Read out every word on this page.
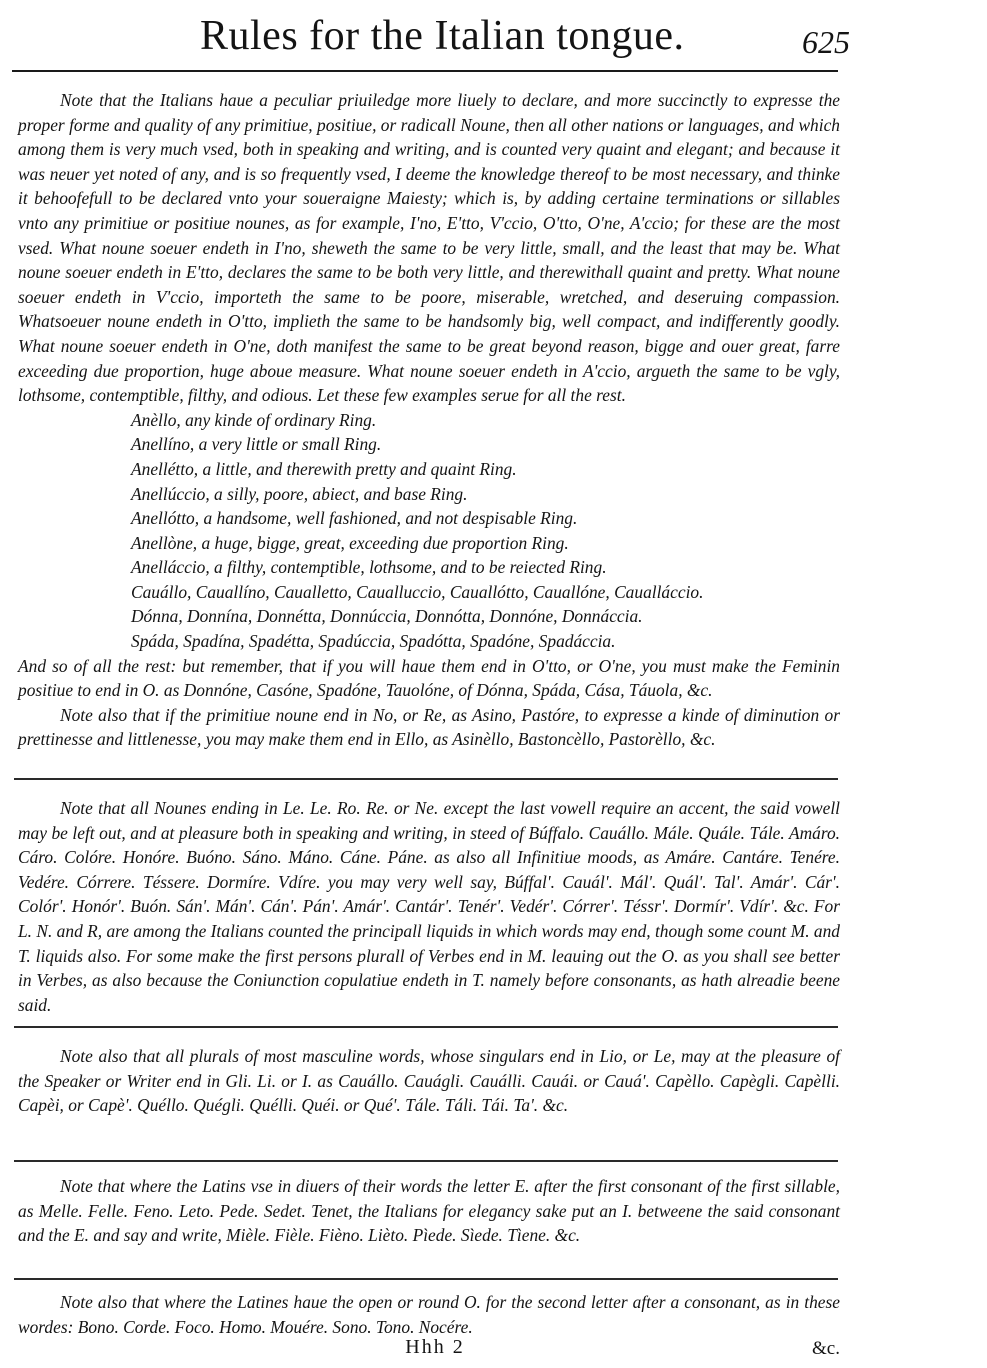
Rules for the Italian tongue.	625

Note that the Italians haue a peculiar priuiledge more liuely to declare, and more succinctly to expresse the proper forme and quality of any primitiue, positiue, or radicall Noune, then all other nations or languages, and which among them is very much vsed, both in speaking and writing, and is counted very quaint and elegant; and because it was neuer yet noted of any, and is so frequently vsed, I deeme the knowledge thereof to be most necessary, and thinke it behoofefull to be declared vnto your soueraigne Maiesty; which is, by adding certaine terminations or sillables vnto any primitiue or positiue nounes, as for example, I'no, E'tto, V'ccio, O'tto, O'ne, A'ccio; for these are the most vsed. What noune soeuer endeth in I'no, sheweth the same to be very little, small, and the least that may be. What noune soeuer endeth in E'tto, declares the same to be both very little, and therewithall quaint and pretty. What noune soeuer endeth in V'ccio, importeth the same to be poore, miserable, wretched, and deseruing compassion. Whatsoeuer noune endeth in O'tto, implieth the same to be handsomly big, well compact, and indifferently goodly. What noune soeuer endeth in O'ne, doth manifest the same to be great beyond reason, bigge and ouer great, farre exceeding due proportion, huge aboue measure. What noune soeuer endeth in A'ccio, argueth the same to be vgly, lothsome, contemptible, filthy, and odious. Let these few examples serue for all the rest.

Anèllo, any kinde of ordinary Ring.
Anellíno, a very little or small Ring.
Anellétto, a little, and therewith pretty and quaint Ring.
Anellúccio, a silly, poore, abiect, and base Ring.
Anellótto, a handsome, well fashioned, and not despisable Ring.
Anellòne, a huge, bigge, great, exceeding due proportion Ring.
Anelláccio, a filthy, contemptible, lothsome, and to be reiected Ring.
Cauállo, Cauallíno, Caualletto, Caualluccio, Cauallótto, Cauallóne, Caualláccio.
Dónna, Donnína, Donnétta, Donnúccia, Donnótta, Donnóne, Donnáccia.
Spáda, Spadína, Spadétta, Spadúccia, Spadótta, Spadóne, Spadáccia.

And so of all the rest: but remember, that if you will haue them end in O'tto, or O'ne, you must make the Feminin positiue to end in O. as Donnóne, Casóne, Spadóne, Tauolóne, of Dónna, Spáda, Cása, Táuola, &c.

Note also that if the primitiue noune end in No, or Re, as Asino, Pastóre, to expresse a kinde of diminution or prettinesse and littlenesse, you may make them end in Ello, as Asinèllo, Bastoncèllo, Pastorèllo, &c.

Note that all Nounes ending in Le. Le. Ro. Re. or Ne. except the last vowell require an accent, the said vowell may be left out, and at pleasure both in speaking and writing, in steed of Búffalo. Cauállo. Mále. Quále. Tále. Amáro. Cáro. Colóre. Honóre. Buóno. Sáno. Máno. Cáne. Páne. as also all Infinitiue moods, as Amáre. Cantáre. Tenére. Vedére. Córrere. Téssere. Dormíre. Vdíre. you may very well say, Búffal'. Cauál'. Mál'. Quál'. Tal'. Amár'. Cár'. Colór'. Honór'. Buón. Sán'. Mán'. Cán'. Pán'. Amár'. Cantár'. Tenér'. Vedér'. Córrer'. Téssr'. Dormír'. Vdír'. &c. For L. N. and R, are among the Italians counted the principall liquids in which words may end, though some count M. and T. liquids also. For some make the first persons plurall of Verbes end in M. leauing out the O. as you shall see better in Verbes, as also because the Coniunction copulatiue endeth in T. namely before consonants, as hath alreadie beene said.

Note also that all plurals of most masculine words, whose singulars end in Lio, or Le, may at the pleasure of the Speaker or Writer end in Gli. Li. or I. as Cauállo. Cauágli. Cauálli. Cauái. or Cauá'. Capèllo. Capègli. Capèlli. Capèi, or Capè'. Quéllo. Quégli. Quélli. Quéi. or Qué'. Tále. Táli. Tái. Ta'. &c.

Note that where the Latins vse in diuers of their words the letter E. after the first consonant of the first sillable, as Melle. Felle. Feno. Leto. Pede. Sedet. Tenet, the Italians for elegancy sake put an I. betweene the said consonant and the E. and say and write, Mièle. Fièle. Fièno. Lièto. Pìede. Sìede. Tìene. &c.

Note also that where the Latines haue the open or round O. for the second letter after a consonant, as in these wordes: Bono. Corde. Foco. Homo. Mouére. Sono. Tono. Nocére.

Hhh 2	&c.
